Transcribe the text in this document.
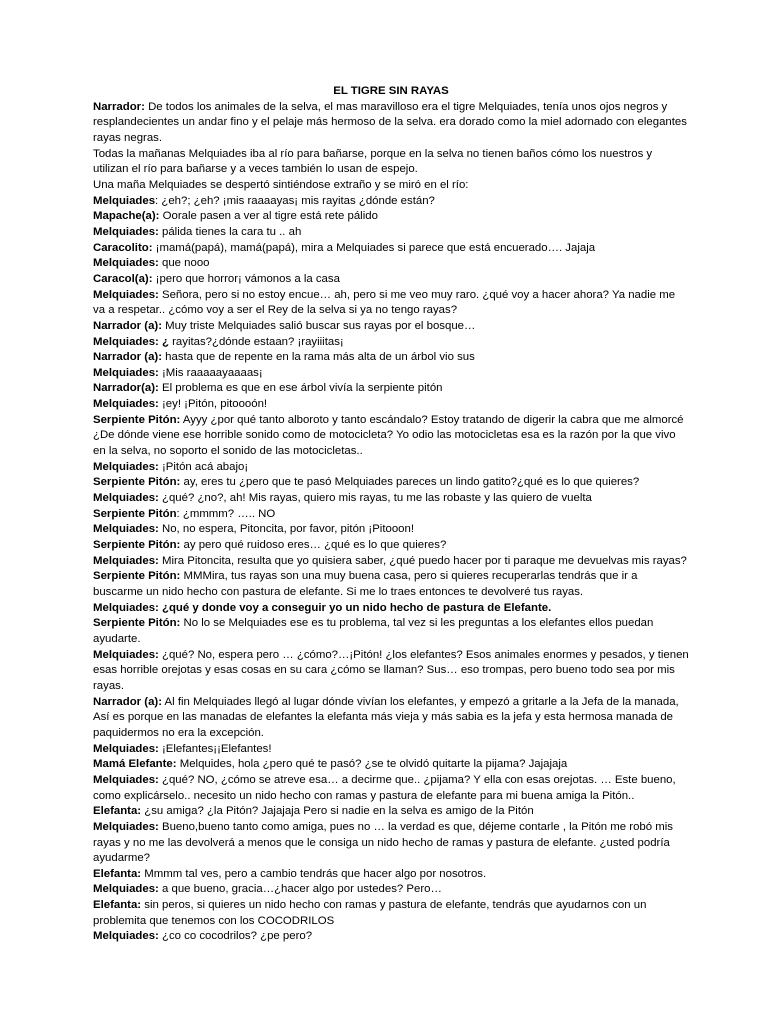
EL TIGRE SIN RAYAS

Narrador: De todos los animales de la selva, el mas maravilloso era el tigre Melquiades, tenía unos ojos negros y resplandecientes un andar fino y el pelaje más hermoso de la selva. era dorado como la miel adornado con elegantes rayas negras.

Todas la mañanas Melquiades iba al río para bañarse, porque en la selva no tienen baños cómo los nuestros y utilizan el río para bañarse y a veces también lo usan de espejo.

Una maña Melquiades se despertó sintiéndose extraño y se miró en el río:

Melquiades: ¿eh?; ¿eh? ¡mis raaaayas¡ mis rayitas ¿dónde están?

Mapache(a): Oorale pasen a ver al tigre está rete pálido

Melquiades: pálida tienes la cara tu .. ah

Caracolito: ¡mamá(papá), mamá(papá), mira a Melquiades si parece que está encuerado…. Jajaja

Melquiades: que nooo

Caracol(a): ¡pero que horror¡ vámonos a la casa

Melquiades: Señora, pero si no estoy encue… ah, pero si me veo muy raro. ¿qué voy a hacer ahora? Ya nadie me va a respetar.. ¿cómo voy a ser el Rey de la selva si ya no tengo rayas?

Narrador (a): Muy triste Melquiades salió buscar sus rayas por el bosque…

Melquiades: ¿ rayitas?¿dónde estaan? ¡rayiiitas¡

Narrador (a): hasta que de repente en la rama más alta de un árbol vio sus

Melquiades: ¡Mis raaaaayaaaas¡

Narrador(a): El problema es que en ese árbol vivía la serpiente pitón

Melquiades: ¡ey! ¡Pitón, pitoooón!

Serpiente Pitón: Ayyy ¿por qué tanto alboroto y tanto escándalo? Estoy tratando de digerir la cabra que me almorcé ¿De dónde viene ese horrible sonido como de motocicleta? Yo odio las motocicletas esa es la razón por la que vivo en la selva, no soporto el sonido de las motocicletas..

Melquiades: ¡Pitón acá abajo¡

Serpiente Pitón: ay, eres tu ¿pero que te pasó Melquiades pareces un lindo gatito?¿qué es lo que quieres?

Melquiades: ¿qué? ¿no?, ah! Mis rayas, quiero mis rayas, tu me las robaste y las quiero de vuelta

Serpiente Pitón: ¿mmmm? ….. NO

Melquiades: No, no espera, Pitoncita, por favor, pitón ¡Pitooon!

Serpiente Pitón: ay pero qué ruidoso eres… ¿qué es lo que quieres?

Melquiades: Mira Pitoncita, resulta que yo quisiera saber, ¿qué puedo hacer por ti paraque me devuelvas mis rayas?

Serpiente Pitón: MMMira, tus rayas son una muy buena casa, pero si quieres recuperarlas tendrás que ir a buscarme un nido hecho con pastura de elefante. Si me lo traes entonces te devolveré tus rayas.

Melquiades: ¿qué y donde voy a conseguir yo un nido hecho de pastura de Elefante.

Serpiente Pitón: No lo se Melquiades ese es tu problema, tal vez si les preguntas a los elefantes ellos puedan ayudarte.

Melquiades: ¿qué? No, espera pero … ¿cómo?…¡Pitón! ¿los elefantes? Esos animales enormes y pesados, y tienen esas horrible orejotas y esas cosas en su cara ¿cómo se llaman? Sus… eso trompas, pero bueno todo sea por mis rayas.

Narrador (a): Al fin Melquiades llegó al lugar dónde vivían los elefantes, y empezó a gritarle a la Jefa de la manada, Así es porque en las manadas de elefantes la elefanta más vieja y más sabia es la jefa y esta hermosa manada de paquidermos no era la excepción.

Melquiades: ¡Elefantes¡¡Elefantes!

Mamá Elefante: Melquides, hola ¿pero qué te pasó? ¿se te olvidó quitarte la pijama? Jajajaja

Melquiades: ¿qué? NO, ¿cómo se atreve esa… a decirme que.. ¿pijama? Y ella con esas orejotas. … Este bueno, como explicárselo.. necesito un nido hecho con ramas y pastura de elefante para mi buena amiga la Pitón..

Elefanta: ¿su amiga? ¿la Pitón? Jajajaja Pero si nadie en la selva es amigo de la Pitón

Melquiades: Bueno,bueno tanto como amiga, pues no … la verdad es que, déjeme contarle , la Pitón me robó mis rayas y no me las devolverá a menos que le consiga un nido hecho de ramas y pastura de elefante. ¿usted podría ayudarme?

Elefanta: Mmmm tal ves, pero a cambio tendrás que hacer algo por nosotros.

Melquiades: a que bueno, gracia…¿hacer algo por ustedes? Pero…

Elefanta: sin peros, si quieres un nido hecho con ramas y pastura de elefante, tendrás que ayudarnos con un problemita que tenemos con los COCODRILOS

Melquiades: ¿co co cocodrilos? ¿pe pero?
